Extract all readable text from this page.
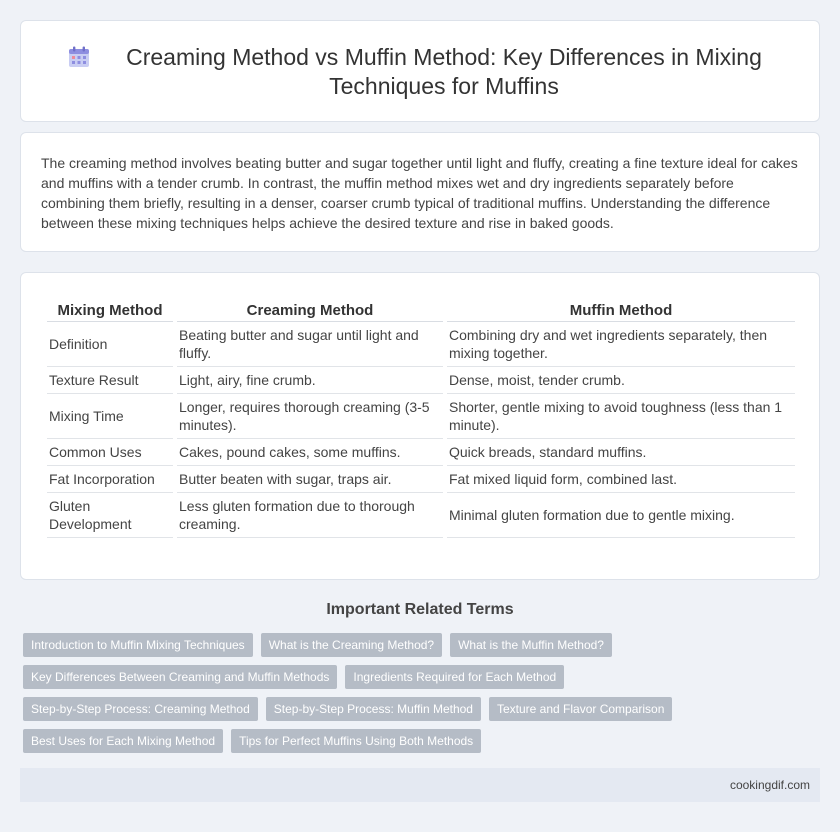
Creaming Method vs Muffin Method: Key Differences in Mixing Techniques for Muffins

The creaming method involves beating butter and sugar together until light and fluffy, creating a fine texture ideal for cakes and muffins with a tender crumb. In contrast, the muffin method mixes wet and dry ingredients separately before combining them briefly, resulting in a denser, coarser crumb typical of traditional muffins. Understanding the difference between these mixing techniques helps achieve the desired texture and rise in baked goods.

Mixing Method	Creaming Method	Muffin Method
Definition	Beating butter and sugar until light and fluffy.	Combining dry and wet ingredients separately, then mixing together.
Texture Result	Light, airy, fine crumb.	Dense, moist, tender crumb.
Mixing Time	Longer, requires thorough creaming (3-5 minutes).	Shorter, gentle mixing to avoid toughness (less than 1 minute).
Common Uses	Cakes, pound cakes, some muffins.	Quick breads, standard muffins.
Fat Incorporation	Butter beaten with sugar, traps air.	Fat mixed liquid form, combined last.
Gluten Development	Less gluten formation due to thorough creaming.	Minimal gluten formation due to gentle mixing.
Important Related Terms
Introduction to Muffin Mixing Techniques	What is the Creaming Method?	What is the Muffin Method?
Key Differences Between Creaming and Muffin Methods	Ingredients Required for Each Method
Step-by-Step Process: Creaming Method	Step-by-Step Process: Muffin Method	Texture and Flavor Comparison
Best Uses for Each Mixing Method	Tips for Perfect Muffins Using Both Methods
cookingdif.com
